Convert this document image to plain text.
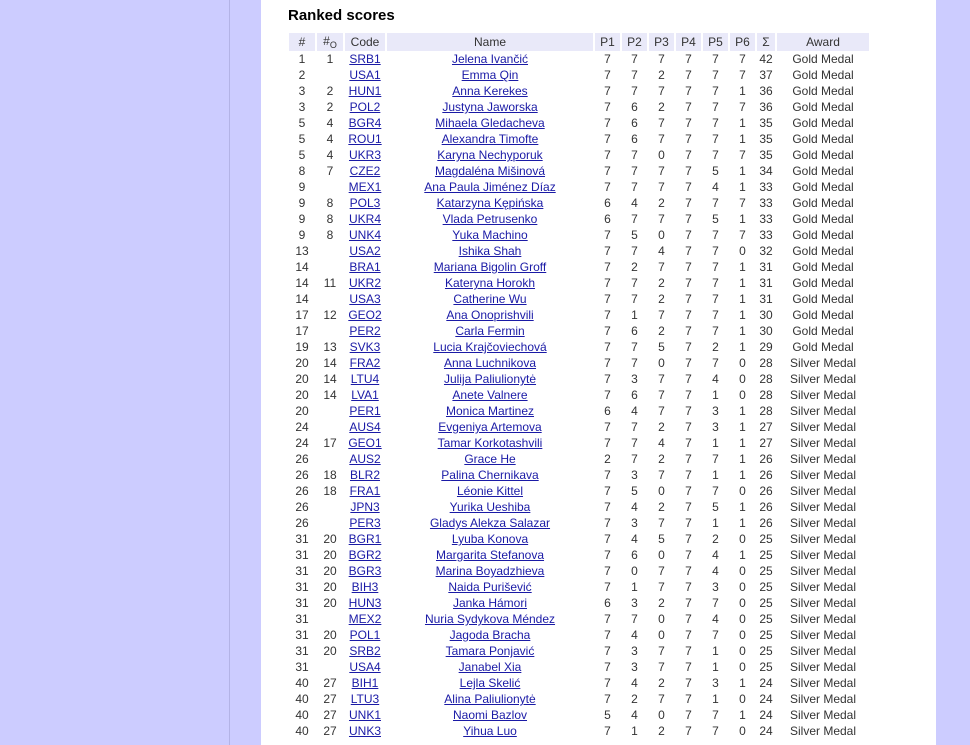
Ranked scores
#	$\#_O$	Code	Name	P1	P2	P3	P4	P5	P6	Σ	Award
1	1	SRB1	Jelena Ivančić	7	7	7	7	7	7	42	Gold Medal
2		USA1	Emma Qin	7	7	2	7	7	7	37	Gold Medal
3	2	HUN1	Anna Kerekes	7	7	7	7	7	1	36	Gold Medal
3	2	POL2	Justyna Jaworska	7	6	2	7	7	7	36	Gold Medal
5	4	BGR4	Mihaela Gledacheva	7	6	7	7	7	1	35	Gold Medal
5	4	ROU1	Alexandra Timofte	7	6	7	7	7	1	35	Gold Medal
5	4	UKR3	Karyna Nechyporuk	7	7	0	7	7	7	35	Gold Medal
8	7	CZE2	Magdaléna Mišinová	7	7	7	7	5	1	34	Gold Medal
9		MEX1	Ana Paula Jiménez Díaz	7	7	7	7	4	1	33	Gold Medal
9	8	POL3	Katarzyna Kępińska	6	4	2	7	7	7	33	Gold Medal
9	8	UKR4	Vlada Petrusenko	6	7	7	7	5	1	33	Gold Medal
9	8	UNK4	Yuka Machino	7	5	0	7	7	7	33	Gold Medal
13		USA2	Ishika Shah	7	7	4	7	7	0	32	Gold Medal
14		BRA1	Mariana Bigolin Groff	7	2	7	7	7	1	31	Gold Medal
14	11	UKR2	Kateryna Horokh	7	7	2	7	7	1	31	Gold Medal
14		USA3	Catherine Wu	7	7	2	7	7	1	31	Gold Medal
17	12	GEO2	Ana Onoprishvili	7	1	7	7	7	1	30	Gold Medal
17		PER2	Carla Fermin	7	6	2	7	7	1	30	Gold Medal
19	13	SVK3	Lucia Krajčoviechová	7	7	5	7	2	1	29	Gold Medal
20	14	FRA2	Anna Luchnikova	7	7	0	7	7	0	28	Silver Medal
20	14	LTU4	Julija Paliulionytė	7	3	7	7	4	0	28	Silver Medal
20	14	LVA1	Anete Valnere	7	6	7	7	1	0	28	Silver Medal
20		PER1	Monica Martinez	6	4	7	7	3	1	28	Silver Medal
24		AUS4	Evgeniya Artemova	7	7	2	7	3	1	27	Silver Medal
24	17	GEO1	Tamar Korkotashvili	7	7	4	7	1	1	27	Silver Medal
26		AUS2	Grace He	2	7	2	7	7	1	26	Silver Medal
26	18	BLR2	Palina Chernikava	7	3	7	7	1	1	26	Silver Medal
26	18	FRA1	Léonie Kittel	7	5	0	7	7	0	26	Silver Medal
26		JPN3	Yurika Ueshiba	7	4	2	7	5	1	26	Silver Medal
26		PER3	Gladys Alekza Salazar	7	3	7	7	1	1	26	Silver Medal
31	20	BGR1	Lyuba Konova	7	4	5	7	2	0	25	Silver Medal
31	20	BGR2	Margarita Stefanova	7	6	0	7	4	1	25	Silver Medal
31	20	BGR3	Marina Boyadzhieva	7	0	7	7	4	0	25	Silver Medal
31	20	BIH3	Naida Purišević	7	1	7	7	3	0	25	Silver Medal
31	20	HUN3	Janka Hámori	6	3	2	7	7	0	25	Silver Medal
31		MEX2	Nuria Sydykova Méndez	7	7	0	7	4	0	25	Silver Medal
31	20	POL1	Jagoda Bracha	7	4	0	7	7	0	25	Silver Medal
31	20	SRB2	Tamara Ponjavić	7	3	7	7	1	0	25	Silver Medal
31		USA4	Janabel Xia	7	3	7	7	1	0	25	Silver Medal
40	27	BIH1	Lejla Skelić	7	4	2	7	3	1	24	Silver Medal
40	27	LTU3	Alina Paliulionytė	7	2	7	7	1	0	24	Silver Medal
40	27	UNK1	Naomi Bazlov	5	4	0	7	7	1	24	Silver Medal
40	27	UNK3	Yihua Luo	7	1	2	7	7	0	24	Silver Medal
